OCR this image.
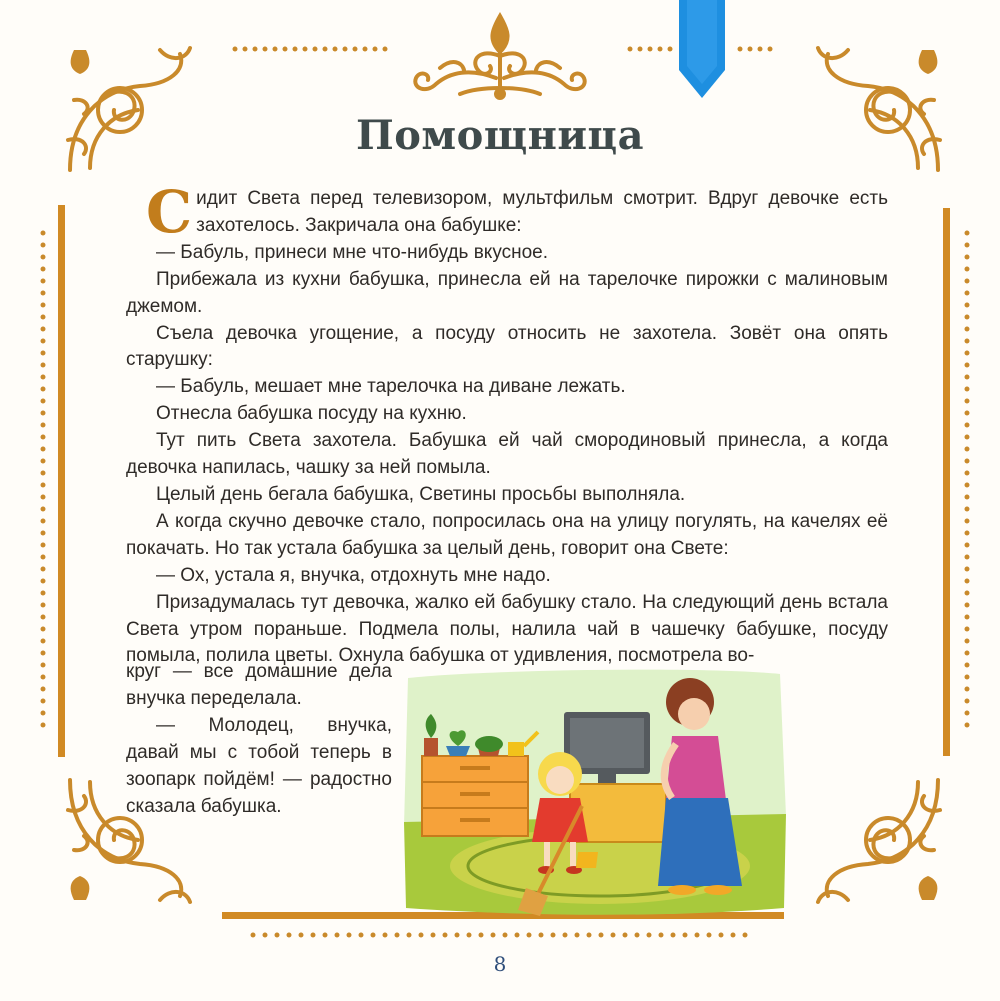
Помощница

Сидит Света перед телевизором, мультфильм смотрит. Вдруг девочке есть захотелось. Закричала она бабушке:

— Бабуль, принеси мне что-нибудь вкусное.

Прибежала из кухни бабушка, принесла ей на тарелочке пирожки с малиновым джемом.

Съела девочка угощение, а посуду относить не захотела. Зовёт она опять старушку:

— Бабуль, мешает мне тарелочка на диване лежать.

Отнесла бабушка посуду на кухню.

Тут пить Света захотела. Бабушка ей чай смородиновый принесла, а когда девочка напилась, чашку за ней помыла.

Целый день бегала бабушка, Светины просьбы выполняла.

А когда скучно девочке стало, попросилась она на улицу погулять, на качелях её покачать. Но так устала бабушка за целый день, говорит она Свете:

— Ох, устала я, внучка, отдохнуть мне надо.

Призадумалась тут девочка, жалко ей бабушку стало. На следующий день встала Света утром пораньше. Подмела полы, налила чай в чашечку бабушке, посуду помыла, полила цветы. Охнула бабушка от удивления, посмотрела во-

круг — все домашние дела внучка переделала.

— Молодец, внучка, давай мы с тобой теперь в зоопарк пойдём! — радостно сказала бабушка.

8
